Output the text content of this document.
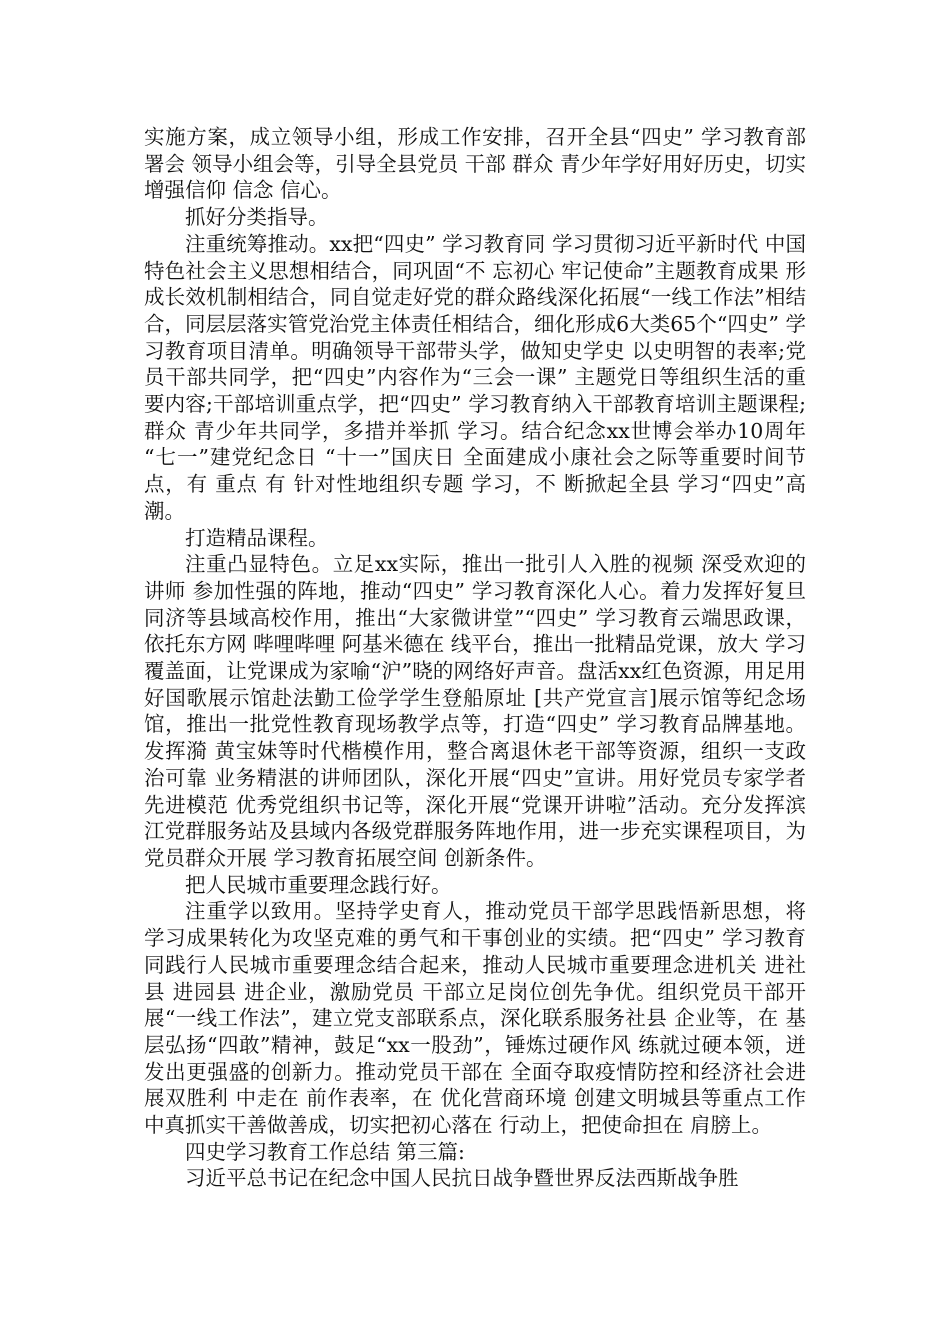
实施方案，成立领导小组，形成工作安排，召开全县“四史” 学习教育部署会 领导小组会等，引导全县党员 干部 群众 青少年学好用好历史，切实增强信仰 信念 信心。

抓好分类指导。

注重统筹推动。xx把“四史” 学习教育同 学习贯彻习近平新时代 中国特色社会主义思想相结合，同巩固“不 忘初心 牢记使命”主题教育成果 形成长效机制相结合，同自觉走好党的群众路线深化拓展“一线工作法”相结合，同层层落实管党治党主体责任相结合，细化形成6大类65个“四史” 学习教育项目清单。明确领导干部带头学，做知史学史 以史明智的表率;党员干部共同学，把“四史”内容作为“三会一课” 主题党日等组织生活的重要内容;干部培训重点学，把“四史” 学习教育纳入干部教育培训主题课程;群众 青少年共同学，多措并举抓 学习。结合纪念xx世博会举办10周年 “七一”建党纪念日 “十一”国庆日 全面建成小康社会之际等重要时间节点，有 重点 有 针对性地组织专题 学习，不 断掀起全县 学习“四史”高潮。

打造精品课程。

注重凸显特色。立足xx实际，推出一批引人入胜的视频 深受欢迎的讲师 参加性强的阵地，推动“四史” 学习教育深化人心。着力发挥好复旦 同济等县域高校作用，推出“大家微讲堂”“四史” 学习教育云端思政课，依托东方网 哔哩哔哩 阿基米德在 线平台，推出一批精品党课，放大 学习覆盖面，让党课成为家喻“沪”晓的网络好声音。盘活xx红色资源，用足用好国歌展示馆赴法勤工俭学学生登船原址 [共产党宣言]展示馆等纪念场馆，推出一批党性教育现场教学点等，打造“四史” 学习教育品牌基地。发挥漪 黄宝妹等时代楷模作用，整合离退休老干部等资源，组织一支政治可靠 业务精湛的讲师团队，深化开展“四史”宣讲。用好党员专家学者 先进模范 优秀党组织书记等，深化开展“党课开讲啦”活动。充分发挥滨江党群服务站及县域内各级党群服务阵地作用，进一步充实课程项目，为党员群众开展 学习教育拓展空间 创新条件。

把人民城市重要理念践行好。

注重学以致用。坚持学史育人，推动党员干部学思践悟新思想，将 学习成果转化为攻坚克难的勇气和干事创业的实绩。把“四史” 学习教育同践行人民城市重要理念结合起来，推动人民城市重要理念进机关 进社县 进园县 进企业，激励党员 干部立足岗位创先争优。组织党员干部开展“一线工作法”，建立党支部联系点，深化联系服务社县 企业等，在 基层弘扬“四敢”精神，鼓足“xx一股劲”，锤炼过硬作风 练就过硬本领，迸发出更强盛的创新力。推动党员干部在 全面夺取疫情防控和经济社会进展双胜利 中走在 前作表率，在 优化营商环境 创建文明城县等重点工作 中真抓实干善做善成，切实把初心落在 行动上，把使命担在 肩膀上。

四史学习教育工作总结 第三篇:

习近平总书记在纪念中国人民抗日战争暨世界反法西斯战争胜
